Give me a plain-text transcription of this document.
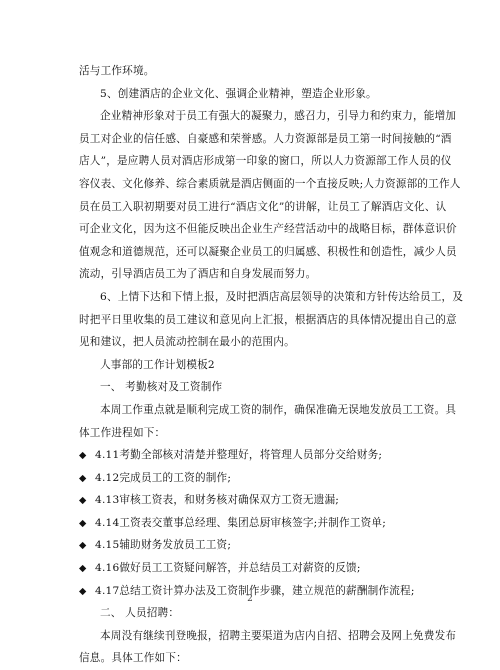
活与工作环境。
5、创建酒店的企业文化、强调企业精神，塑造企业形象。
企业精神形象对于员工有强大的凝聚力，感召力，引导力和约束力，能增加
员工对企业的信任感、自豪感和荣誉感。人力资源部是员工第一时间接触的“酒
店人”，是应聘人员对酒店形成第一印象的窗口，所以人力资源部工作人员的仪
容仪表、文化修养、综合素质就是酒店侧面的一个直接反映;人力资源部的工作人
员在员工入职初期要对员工进行“酒店文化”的讲解，让员工了解酒店文化、认
可企业文化，因为这不但能反映出企业生产经营活动中的战略目标，群体意识价
值观念和道德规范，还可以凝聚企业员工的归属感、积极性和创造性，减少人员
流动，引导酒店员工为了酒店和自身发展而努力。
6、上情下达和下情上报，及时把酒店高层领导的决策和方针传达给员工，及
时把平日里收集的员工建议和意见向上汇报，根据酒店的具体情况提出自己的意
见和建议，把人员流动控制在最小的范围内。
人事部的工作计划模板2
一、 考勤核对及工资制作
本周工作重点就是顺利完成工资的制作，确保准确无误地发放员工工资。具
体工作进程如下：
◆ 4.11考勤全部核对清楚并整理好，将管理人员部分交给财务;
◆ 4.12完成员工的工资的制作;
◆ 4.13审核工资表，和财务核对确保双方工资无遗漏;
◆ 4.14工资表交董事总经理、集团总厨审核签字;并制作工资单;
◆ 4.15辅助财务发放员工工资;
◆ 4.16做好员工工资疑问解答，并总结员工对薪资的反馈;
◆ 4.17总结工资计算办法及工资制作步骤，建立规范的薪酬制作流程;
二、 人员招聘：
本周没有继续刊登晚报，招聘主要渠道为店内自招、招聘会及网上免费发布
信息。具体工作如下：
2
